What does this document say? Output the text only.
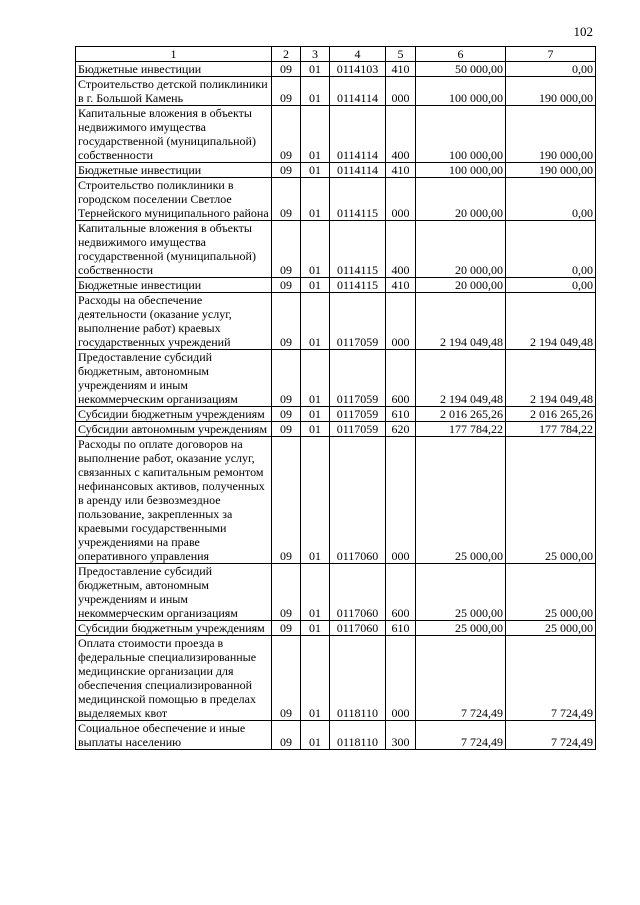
102
1	2	3	4	5	6	7
Бюджетные инвестиции	09	01	0114103	410	50 000,00	0,00
Строительство детской поликлиники в г. Большой Камень	09	01	0114114	000	100 000,00	190 000,00
Капитальные вложения в объекты недвижимого имущества государственной (муниципальной) собственности	09	01	0114114	400	100 000,00	190 000,00
Бюджетные инвестиции	09	01	0114114	410	100 000,00	190 000,00
Строительство поликлиники в городском поселении Светлое Тернейского муниципального района	09	01	0114115	000	20 000,00	0,00
Капитальные вложения в объекты недвижимого имущества государственной (муниципальной) собственности	09	01	0114115	400	20 000,00	0,00
Бюджетные инвестиции	09	01	0114115	410	20 000,00	0,00
Расходы на обеспечение деятельности (оказание услуг, выполнение работ) краевых государственных учреждений	09	01	0117059	000	2 194 049,48	2 194 049,48
Предоставление субсидий бюджетным, автономным учреждениям и иным некоммерческим организациям	09	01	0117059	600	2 194 049,48	2 194 049,48
Субсидии бюджетным учреждениям	09	01	0117059	610	2 016 265,26	2 016 265,26
Субсидии автономным учреждениям	09	01	0117059	620	177 784,22	177 784,22
Расходы по оплате договоров на выполнение работ, оказание услуг, связанных с капитальным ремонтом нефинансовых активов, полученных в аренду или безвозмездное пользование, закрепленных за краевыми государственными учреждениями на праве оперативного управления	09	01	0117060	000	25 000,00	25 000,00
Предоставление субсидий бюджетным, автономным учреждениям и иным некоммерческим организациям	09	01	0117060	600	25 000,00	25 000,00
Субсидии бюджетным учреждениям	09	01	0117060	610	25 000,00	25 000,00
Оплата стоимости проезда в федеральные специализированные медицинские организации для обеспечения специализированной медицинской помощью в пределах выделяемых квот	09	01	0118110	000	7 724,49	7 724,49
Социальное обеспечение и иные выплаты населению	09	01	0118110	300	7 724,49	7 724,49
